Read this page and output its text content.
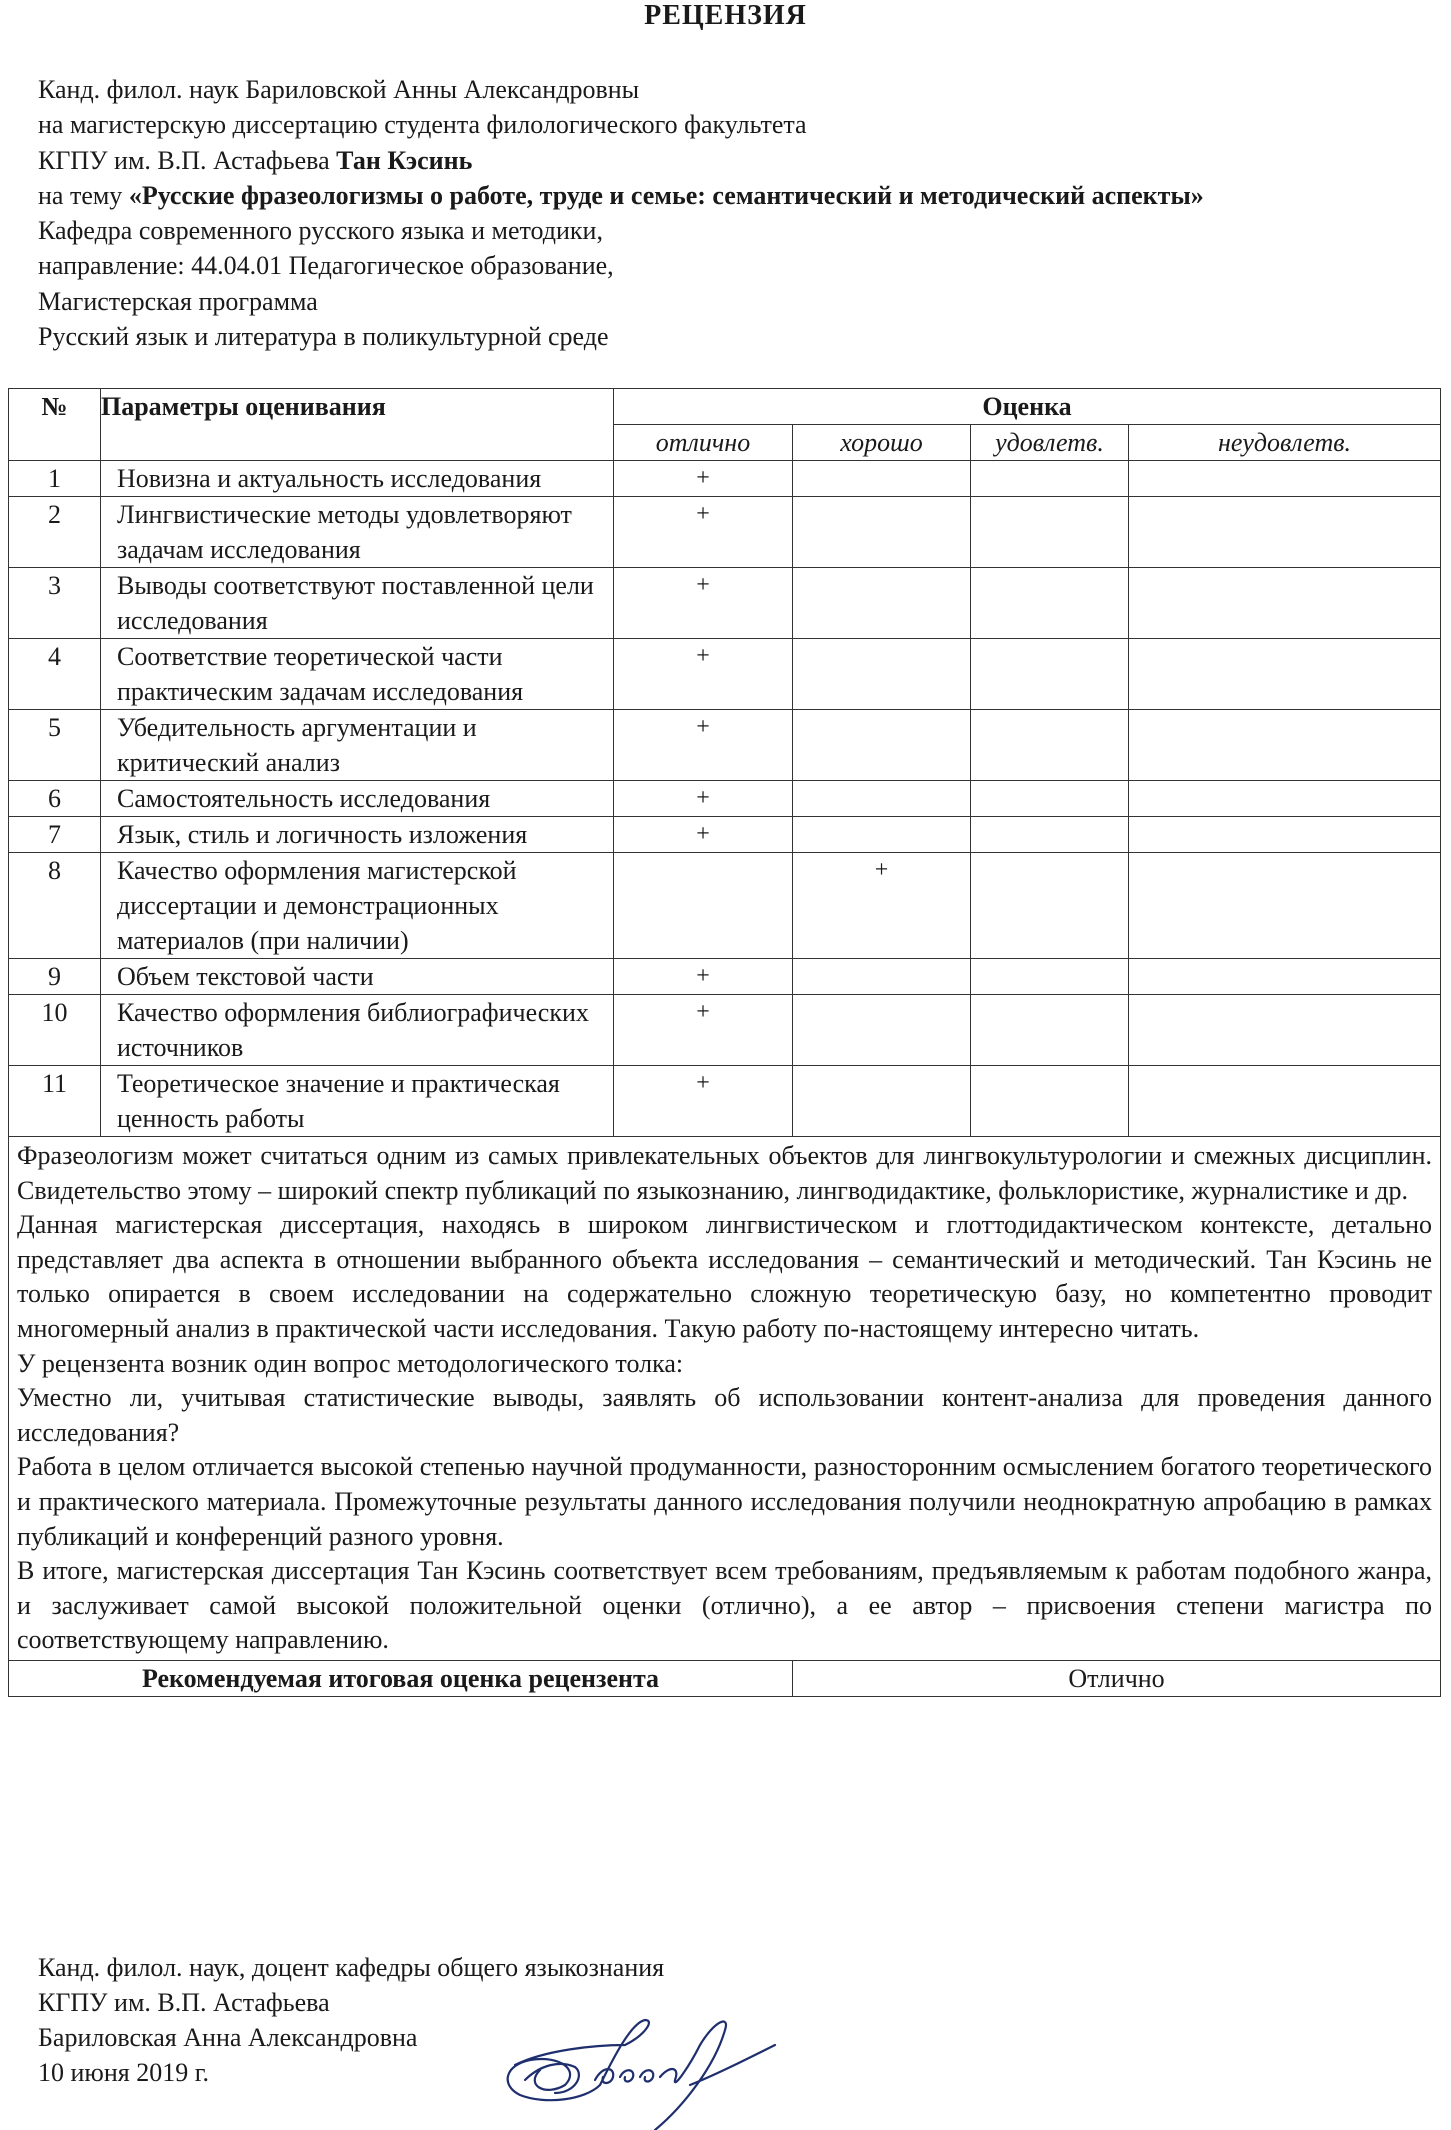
РЕЦЕНЗИЯ
Канд. филол. наук Бариловской Анны Александровны
на магистерскую диссертацию студента филологического факультета
КГПУ им. В.П. Астафьева Тан Кэсинь
на тему «Русские фразеологизмы о работе, труде и семье: семантический и методический аспекты»
Кафедра современного русского языка и методики,
направление: 44.04.01 Педагогическое образование,
Магистерская программа
Русский язык и литература в поликультурной среде
№	Параметры оценивания	Оценка			
		отлично	хорошо	удовлетв.	неудовлетв.
1	Новизна и актуальность исследования	+			
2	Лингвистические методы удовлетворяют задачам исследования	+			
3	Выводы соответствуют поставленной цели исследования	+			
4	Соответствие теоретической части практическим задачам исследования	+			
5	Убедительность аргументации и критический анализ	+			
6	Самостоятельность исследования	+			
7	Язык, стиль и логичность изложения	+			
8	Качество оформления магистерской диссертации и демонстрационных материалов (при наличии)		+		
9	Объем текстовой части	+			
10	Качество оформления библиографических источников	+			
11	Теоретическое значение и практическая ценность работы	+			

Фразеологизм может считаться одним из самых привлекательных объектов для лингвокультурологии и смежных дисциплин. Свидетельство этому – широкий спектр публикаций по языкознанию, лингводидактике, фольклористике, журналистике и др.

Данная магистерская диссертация, находясь в широком лингвистическом и глоттодидактическом контексте, детально представляет два аспекта в отношении выбранного объекта исследования – семантический и методический. Тан Кэсинь не только опирается в своем исследовании на содержательно сложную теоретическую базу, но компетентно проводит многомерный анализ в практической части исследования. Такую работу по-настоящему интересно читать.

У рецензента возник один вопрос методологического толка:

Уместно ли, учитывая статистические выводы, заявлять об использовании контент-анализа для проведения данного исследования?

Работа в целом отличается высокой степенью научной продуманности, разносторонним осмыслением богатого теоретического и практического материала. Промежуточные результаты данного исследования получили неоднократную апробацию в рамках публикаций и конференций разного уровня.

В итоге, магистерская диссертация Тан Кэсинь соответствует всем требованиям, предъявляемым к работам подобного жанра, и заслуживает самой высокой положительной оценки (отлично), а ее автор – присвоения степени магистра по соответствующему направлению.

Рекомендуемая итоговая оценка рецензента			Отлично		
Канд. филол. наук, доцент кафедры общего языкознания
КГПУ им. В.П. Астафьева
Бариловская Анна Александровна
10 июня 2019 г.
